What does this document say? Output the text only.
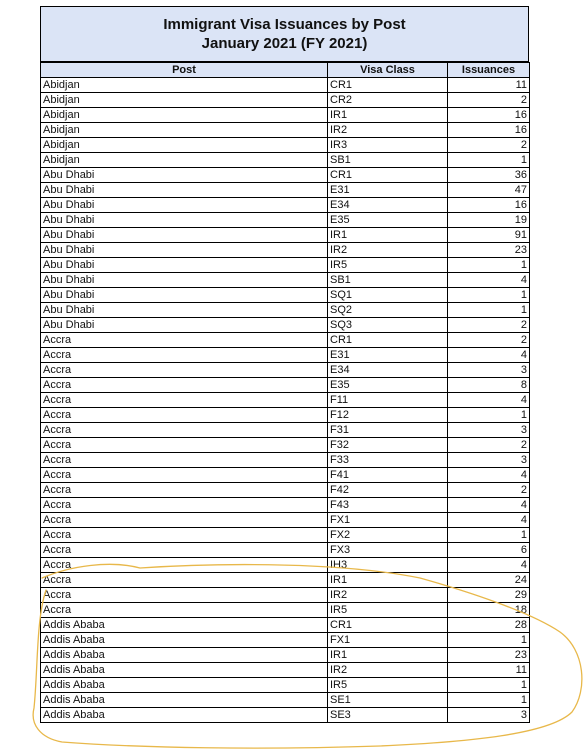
Immigrant Visa Issuances by Post
January 2021 (FY 2021)
Post	Visa Class	Issuances
Abidjan	CR1	11
Abidjan	CR2	2
Abidjan	IR1	16
Abidjan	IR2	16
Abidjan	IR3	2
Abidjan	SB1	1
Abu Dhabi	CR1	36
Abu Dhabi	E31	47
Abu Dhabi	E34	16
Abu Dhabi	E35	19
Abu Dhabi	IR1	91
Abu Dhabi	IR2	23
Abu Dhabi	IR5	1
Abu Dhabi	SB1	4
Abu Dhabi	SQ1	1
Abu Dhabi	SQ2	1
Abu Dhabi	SQ3	2
Accra	CR1	2
Accra	E31	4
Accra	E34	3
Accra	E35	8
Accra	F11	4
Accra	F12	1
Accra	F31	3
Accra	F32	2
Accra	F33	3
Accra	F41	4
Accra	F42	2
Accra	F43	4
Accra	FX1	4
Accra	FX2	1
Accra	FX3	6
Accra	IH3	4
Accra	IR1	24
Accra	IR2	29
Accra	IR5	18
Addis Ababa	CR1	28
Addis Ababa	FX1	1
Addis Ababa	IR1	23
Addis Ababa	IR2	11
Addis Ababa	IR5	1
Addis Ababa	SE1	1
Addis Ababa	SE3	3
